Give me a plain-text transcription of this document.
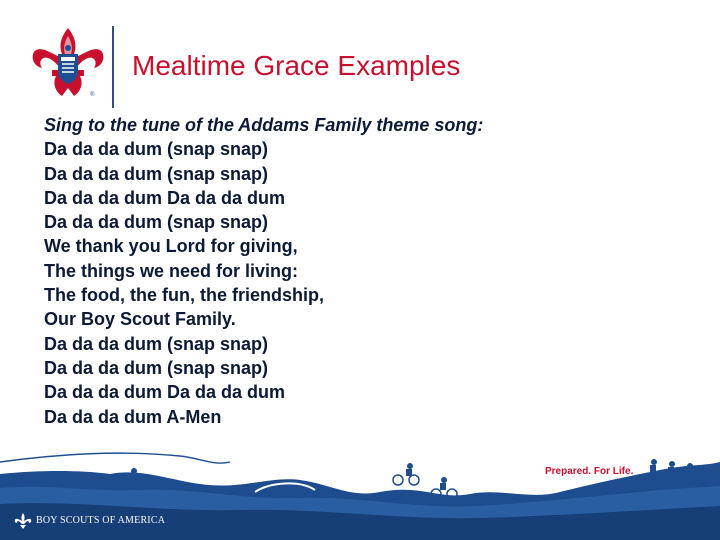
®
Mealtime Grace Examples
Sing to the tune of the Addams Family theme song:
Da da da dum (snap snap)
Da da da dum (snap snap)
Da da da dum Da da da dum
Da da da dum (snap snap)
We thank you Lord for giving,
The things we need for living:
The food, the fun, the friendship,
Our Boy Scout Family.
Da da da dum (snap snap)
Da da da dum (snap snap)
Da da da dum Da da da dum
Da da da dum A-Men
Prepared. For Life.
BOY SCOUTS OF AMERICA
